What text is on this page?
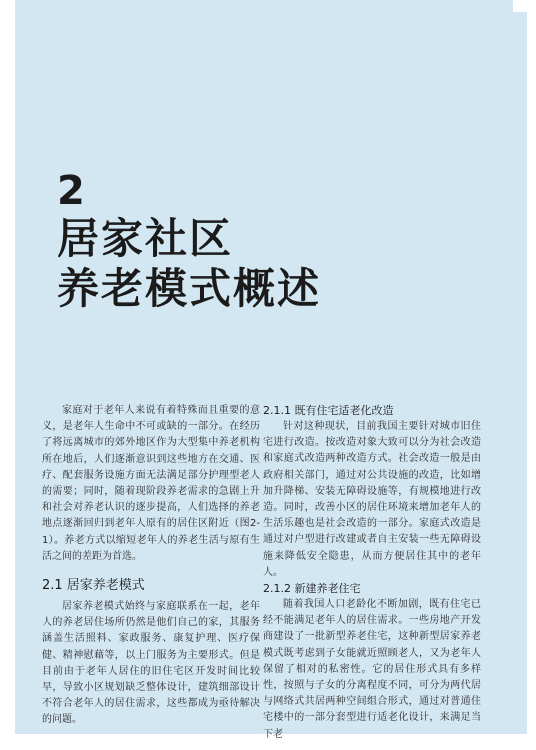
2
居家社区
养老模式概述

家庭对于老年人来说有着特殊而且重要的意义，是老年人生命中不可或缺的一部分。在经历了将远离城市的郊外地区作为大型集中养老机构所在地后，人们逐渐意识到这些地方在交通、医疗、配套服务设施方面无法满足部分护理型老人的需要；同时，随着现阶段养老需求的急剧上升和社会对养老认识的逐步提高，人们选择的养老地点逐渐回归到老年人原有的居住区附近（图2-1）。养老方式以缩短老年人的养老生活与原有生活之间的差距为首选。

2.1 居家养老模式

居家养老模式始终与家庭联系在一起，老年人的养老居住场所仍然是他们自己的家，其服务涵盖生活照料、家政服务、康复护理、医疗保健、精神慰藉等，以上门服务为主要形式。但是目前由于老年人居住的旧住宅区开发时间比较早，导致小区规划缺乏整体设计，建筑细部设计不符合老年人的居住需求，这些都成为亟待解决的问题。

2.1.1 既有住宅适老化改造

针对这种现状，目前我国主要针对城市旧住宅进行改造。按改造对象大致可以分为社会改造和家庭式改造两种改造方式。社会改造一般是由政府相关部门，通过对公共设施的改造，比如增加升降梯、安装无障碍设施等，有规模地进行改造。同时，改善小区的居住环境来增加老年人的生活乐趣也是社会改造的一部分。家庭式改造是通过对户型进行改建或者自主安装一些无障碍设施来降低安全隐患，从而方便居住其中的老年人。

2.1.2 新建养老住宅

随着我国人口老龄化不断加剧，既有住宅已经不能满足老年人的居住需求。一些房地产开发商建设了一批新型养老住宅，这种新型居家养老模式既考虑到子女能就近照顾老人，又为老年人保留了相对的私密性。它的居住形式具有多样性，按照与子女的分离程度不同，可分为两代居与网络式共居两种空间组合形式，通过对普通住宅楼中的一部分套型进行适老化设计，来满足当下老
